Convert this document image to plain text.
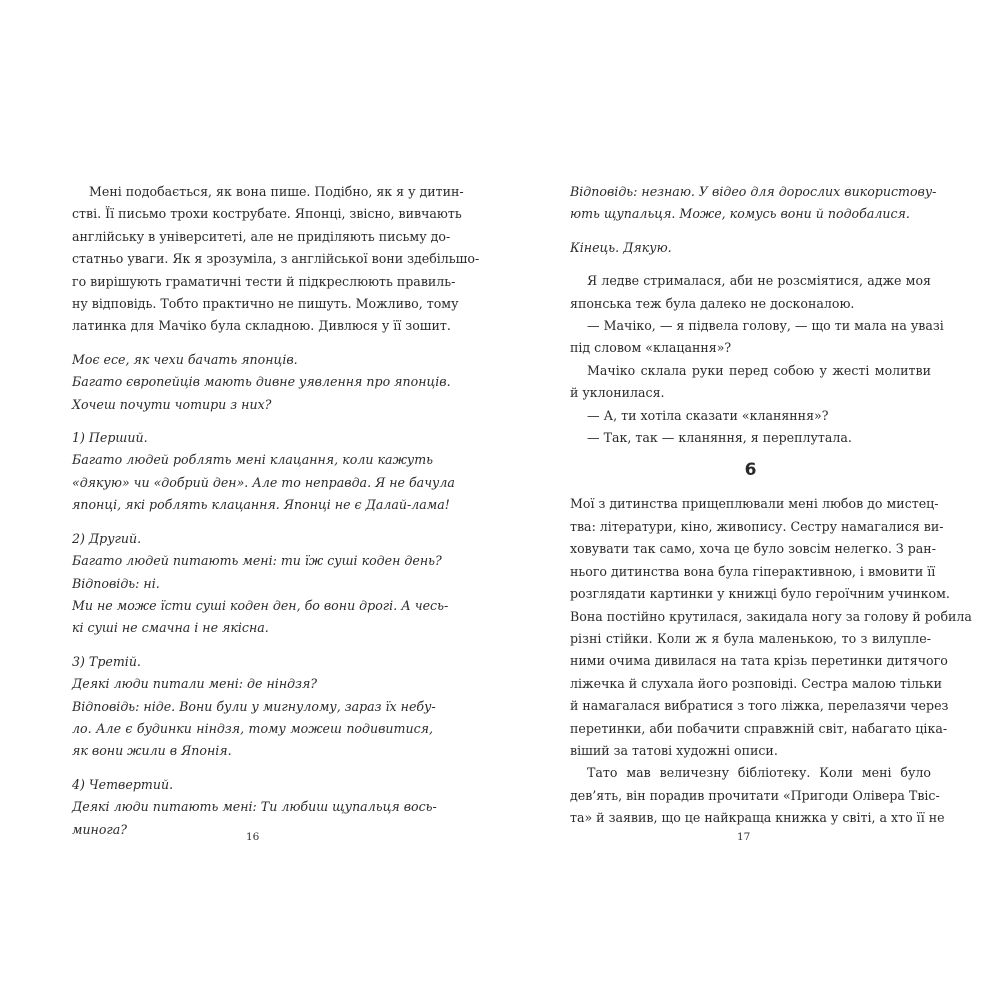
Мені подобається, як вона пише. Подібно, як я у дитин-
стві. Її письмо трохи кострубате. Японці, звісно, вивчають
англійську в університеті, але не приділяють письму до-
статньо уваги. Як я зрозуміла, з англійської вони здебільшо-
го вирішують граматичні тести й підкреслюють правиль-
ну відповідь. Тобто практично не пишуть. Можливо, тому
латинка для Мачіко була складною. Дивлюся у її зошит.
Моє есе, як чехи бачать японців.
Багато європейців мають дивне уявлення про японців.
Хочеш почути чотири з них?
1) Перший.
Багато людей роблять мені клацання, коли кажуть
«дякую» чи «добрий ден». Але то неправда. Я не бачула
японці, які роблять клацання. Японці не є Далай-лама!
2) Другий.
Багато людей питають мені: ти їж суші коден день?
Відповідь: ні.
Ми не може їсти суші коден ден, бо вони дрогі. А чесь-
кі суші не смачна і не якісна.
3) Третій.
Деякі люди питали мені: де ніндзя?
Відповідь: ніде. Вони були у мигнулому, зараз їх небу-
ло. Але є будинки ніндзя, тому можеш подивитися,
як вони жили в Японія.
4) Четвертий.
Деякі люди питають мені: Ти любиш щупальця вось-
минога?
16
Відповідь: незнаю. У відео для дорослих використову-
ють щупальця. Може, комусь вони й подобалися.
Кінець. Дякую.
Я ледве стрималася, аби не розсміятися, адже моя
японська теж була далеко не досконалою.
— Мачіко, — я підвела голову, — що ти мала на увазі
під словом «клацання»?
Мачіко склала руки перед собою у жесті молитви
й уклонилася.
— А, ти хотіла сказати «кланяння»?
— Так, так — кланяння, я переплутала.
6
Мої з дитинства прищеплювали мені любов до мистец-
тва: літератури, кіно, живопису. Сестру намагалися ви-
ховувати так само, хоча це було зовсім нелегко. З ран-
нього дитинства вона була гіперактивною, і вмовити її
розглядати картинки у книжці було героїчним учинком.
Вона постійно крутилася, закидала ногу за голову й робила
різні стійки. Коли ж я була маленькою, то з вилупле-
ними очима дивилася на тата крізь перетинки дитячого
ліжечка й слухала його розповіді. Сестра малою тільки
й намагалася вибратися з того ліжка, перелазячи через
перетинки, аби побачити справжній світ, набагато ціка-
віший за татові художні описи.
Тато мав величезну бібліотеку. Коли мені було
дев’ять, він порадив прочитати «Пригоди Олівера Твіс-
та» й заявив, що це найкраща книжка у світі, а хто її не
17
